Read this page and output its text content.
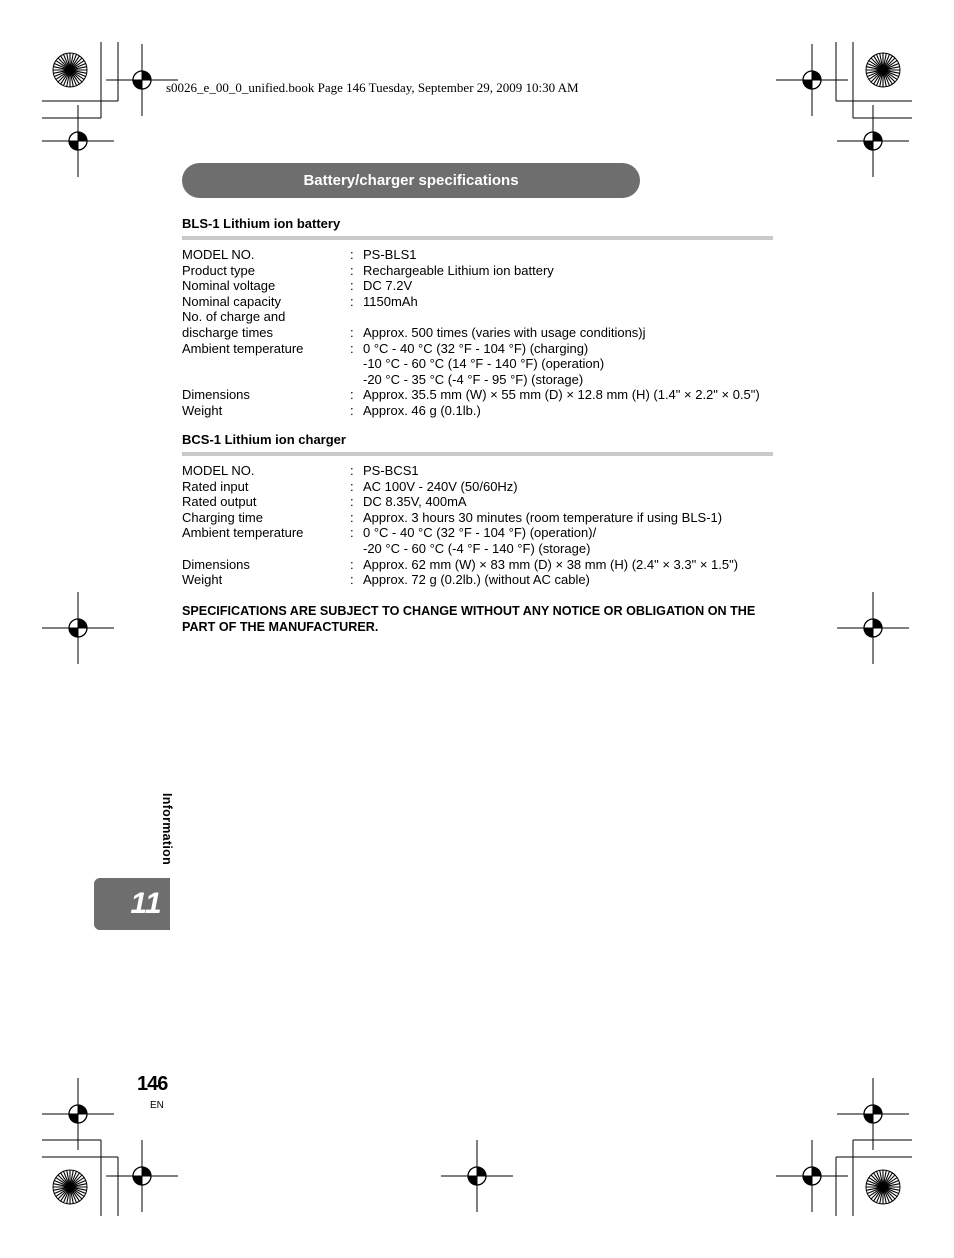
s0026_e_00_0_unified.book Page 146 Tuesday, September 29, 2009 10:30 AM
Battery/charger specifications
BLS-1 Lithium ion battery
MODEL NO.	: PS-BLS1
Product type	: Rechargeable Lithium ion battery
Nominal voltage	: DC 7.2V
Nominal capacity	: 1150mAh
No. of charge and
discharge times	: Approx. 500 times (varies with usage conditions)j
Ambient temperature	: 0 °C - 40 °C (32 °F - 104 °F) (charging)
-10 °C - 60 °C (14 °F - 140 °F) (operation)
-20 °C - 35 °C (-4 °F - 95 °F) (storage)
Dimensions	: Approx. 35.5 mm (W) × 55 mm (D) × 12.8 mm (H) (1.4" × 2.2" × 0.5")
Weight	: Approx. 46 g (0.1lb.)
BCS-1 Lithium ion charger
MODEL NO.	: PS-BCS1
Rated input	: AC 100V - 240V (50/60Hz)
Rated output	: DC 8.35V, 400mA
Charging time	: Approx. 3 hours 30 minutes (room temperature if using BLS-1)
Ambient temperature	: 0 °C - 40 °C (32 °F - 104 °F) (operation)/
-20 °C - 60 °C (-4 °F - 140 °F) (storage)
Dimensions	: Approx. 62 mm (W) × 83 mm (D) × 38 mm (H) (2.4" × 3.3" × 1.5")
Weight	: Approx. 72 g (0.2lb.) (without AC cable)
SPECIFICATIONS ARE SUBJECT TO CHANGE WITHOUT ANY NOTICE OR OBLIGATION ON THE PART OF THE MANUFACTURER.
Information
11
146
EN
